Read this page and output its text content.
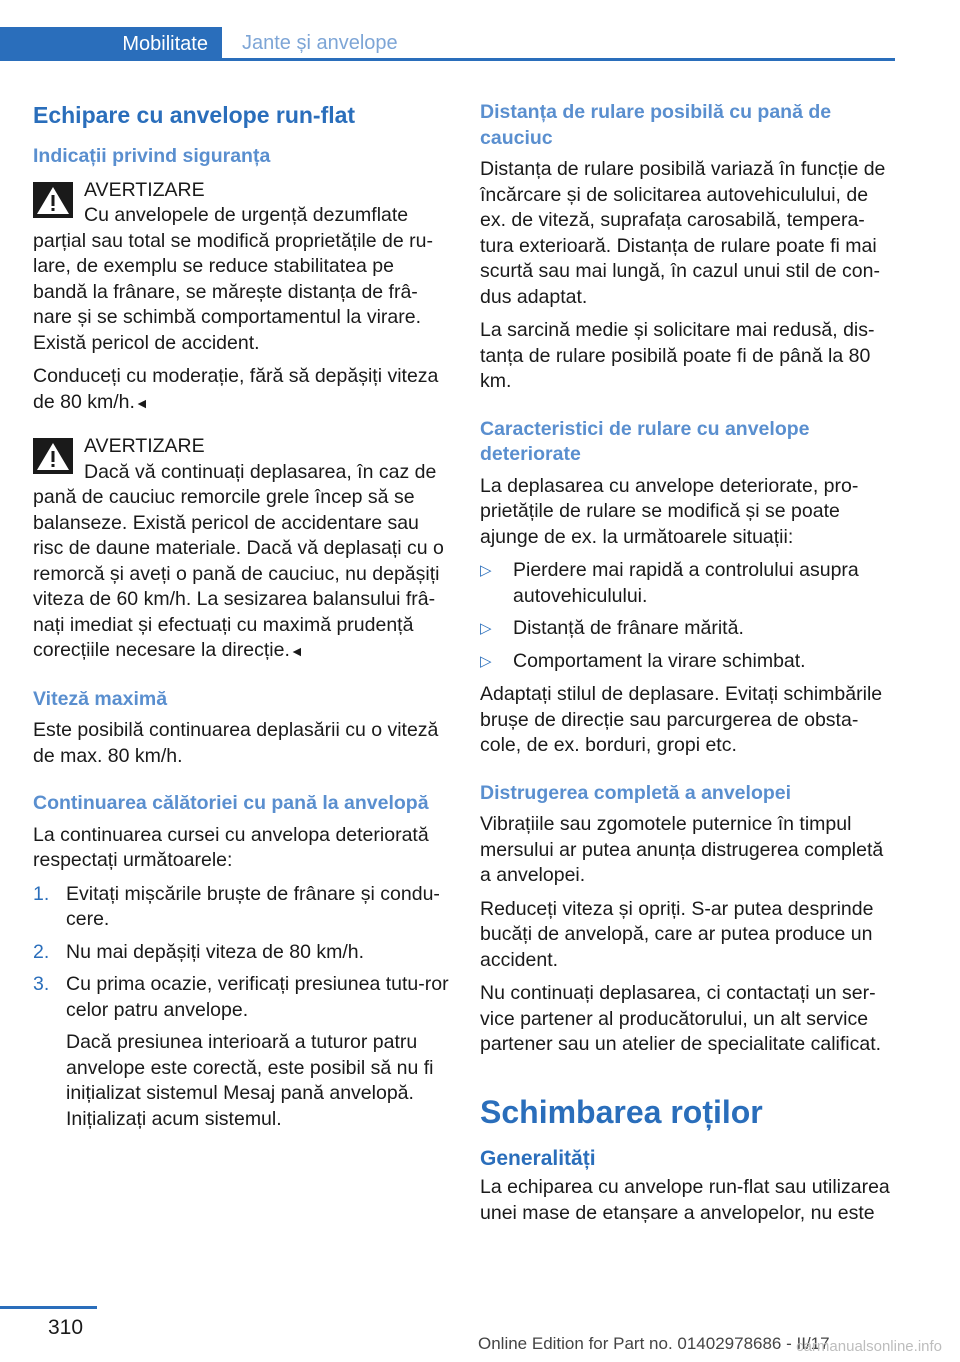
Mobilitate	Jante și anvelope
Echipare cu anvelope run-flat
Indicații privind siguranța
AVERTIZARE
Cu anvelopele de urgență dezumflate
parțial sau total se modifică proprietățile de ru-lare, de exemplu se reduce stabilitatea pe bandă la frânare, se mărește distanța de frâ-nare și se schimbă comportamentul la virare. Există pericol de accident.

Conduceți cu moderație, fără să depășiți viteza de 80 km/h.◄

AVERTIZARE
Dacă vă continuați deplasarea, în caz de
pană de cauciuc remorcile grele încep să se balanseze. Există pericol de accidentare sau risc de daune materiale. Dacă vă deplasați cu o remorcă și aveți o pană de cauciuc, nu depășiți viteza de 60 km/h. La sesizarea balansului frâ-nați imediat și efectuați cu maximă prudență corecțiile necesare la direcție.◄
Viteză maximă

Este posibilă continuarea deplasării cu o viteză de max. 80 km/h.

Continuarea călătoriei cu pană la anvelopă

La continuarea cursei cu anvelopa deteriorată respectați următoarele:

1. Evitați mișcările bruște de frânare și condu-cere.
2. Nu mai depășiți viteza de 80 km/h.
3. Cu prima ocazie, verificați presiunea tutu-ror celor patru anvelope.
Dacă presiunea interioară a tuturor patru anvelope este corectă, este posibil să nu fi inițializat sistemul Mesaj pană anvelopă. Inițializați acum sistemul.
Distanța de rulare posibilă cu pană de cauciuc

Distanța de rulare posibilă variază în funcție de încărcare și de solicitarea autovehiculului, de ex. de viteză, suprafața carosabilă, tempera-tura exterioară. Distanța de rulare poate fi mai scurtă sau mai lungă, în cazul unui stil de con-dus adaptat.

La sarcină medie și solicitare mai redusă, dis-tanța de rulare posibilă poate fi de până la 80 km.

Caracteristici de rulare cu anvelope deteriorate

La deplasarea cu anvelope deteriorate, pro-prietățile de rulare se modifică și se poate ajunge de ex. la următoarele situații:

▷ Pierdere mai rapidă a controlului asupra autovehiculului.
▷ Distanță de frânare mărită.
▷ Comportament la virare schimbat.

Adaptați stilul de deplasare. Evitați schimbările brușe de direcție sau parcurgerea de obsta-cole, de ex. borduri, gropi etc.

Distrugerea completă a anvelopei

Vibrațiile sau zgomotele puternice în timpul mersului ar putea anunța distrugerea completă a anvelopei.

Reduceți viteza și opriți. S-ar putea desprinde bucăți de anvelopă, care ar putea produce un accident.

Nu continuați deplasarea, ci contactați un ser-vice partener al producătorului, un alt service partener sau un atelier de specialitate calificat.

Schimbarea roților
Generalități

La echiparea cu anvelope run-flat sau utilizarea unei mase de etanșare a anvelopelor, nu este

310
Online Edition for Part no. 01402978686 - II/17
carmanualsonline.info
